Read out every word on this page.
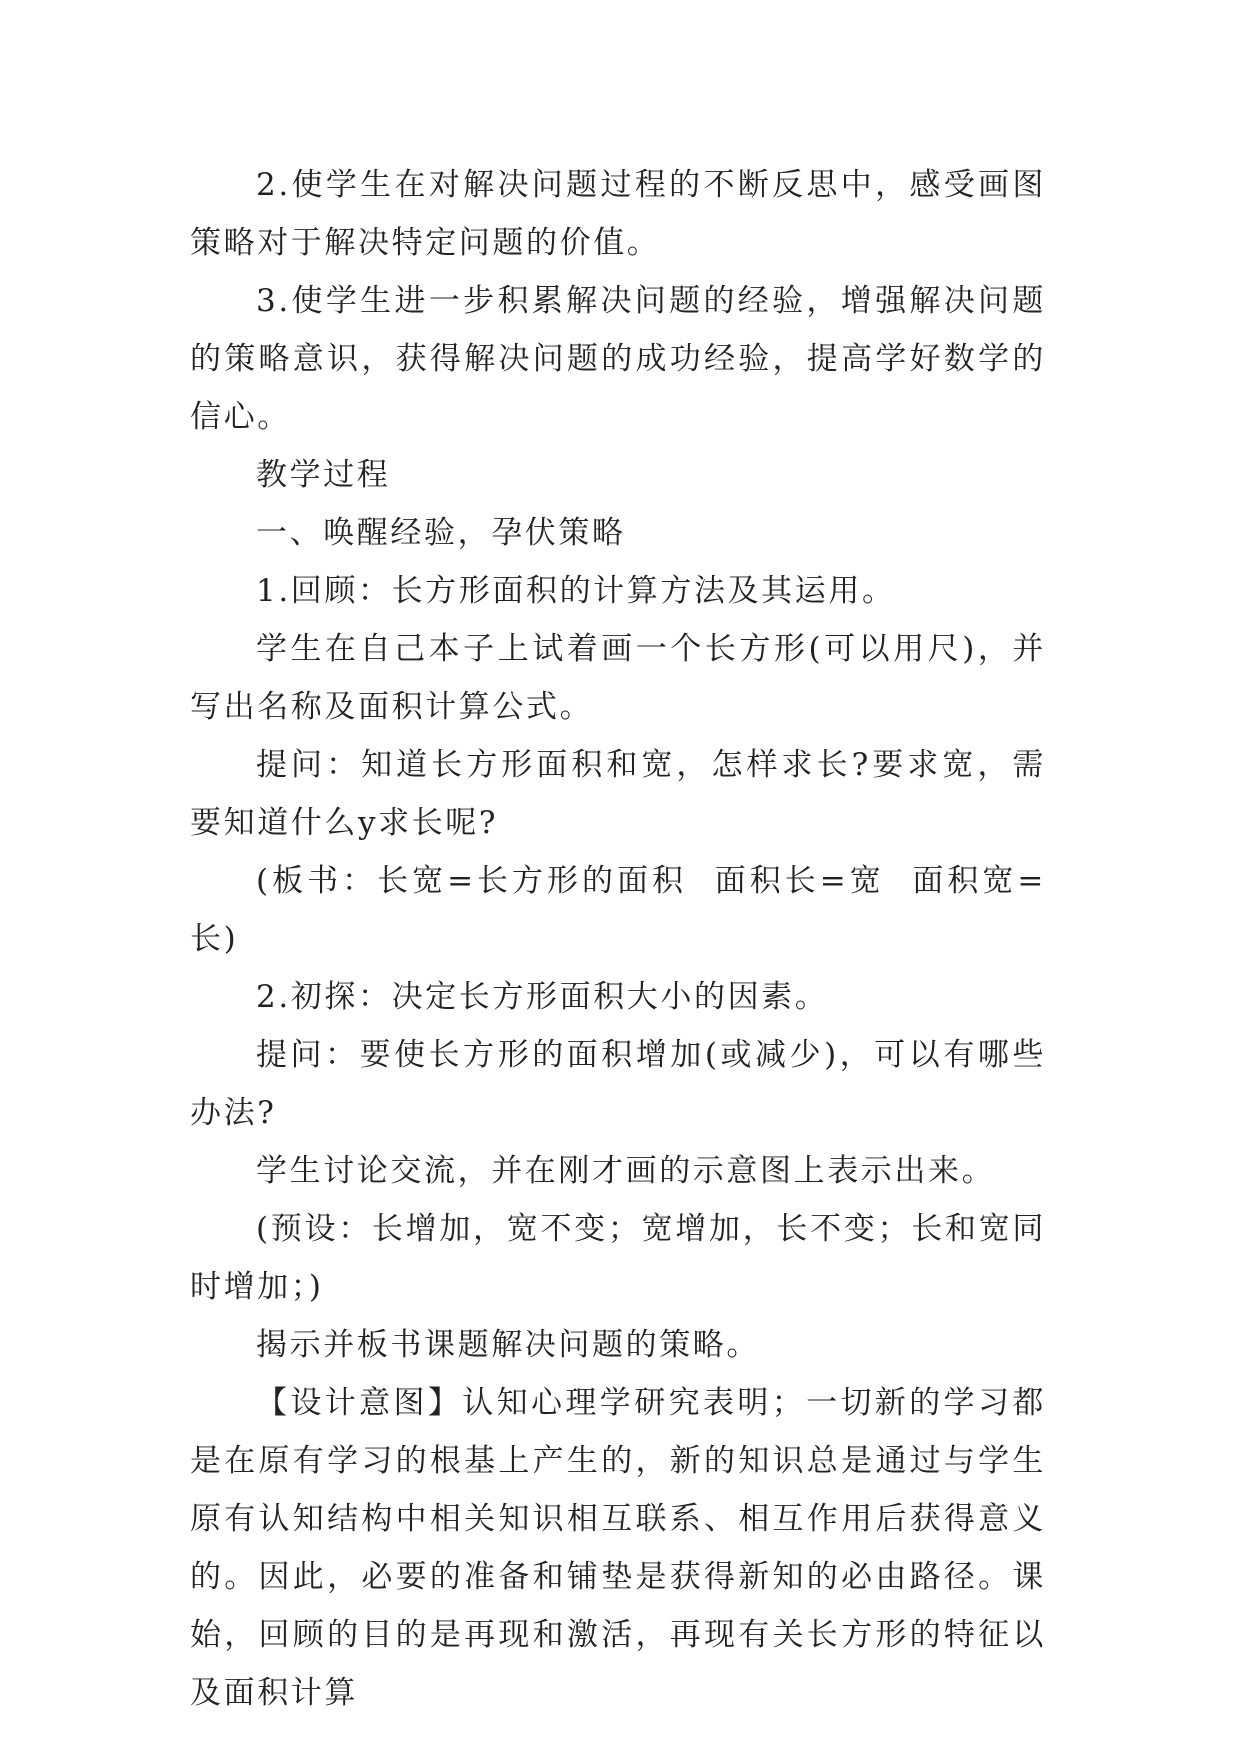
2.使学生在对解决问题过程的不断反思中，感受画图策略对于解决特定问题的价值。

3.使学生进一步积累解决问题的经验，增强解决问题的策略意识，获得解决问题的成功经验，提高学好数学的信心。

教学过程

一、唤醒经验，孕伏策略

1.回顾：长方形面积的计算方法及其运用。

学生在自己本子上试着画一个长方形(可以用尺)，并写出名称及面积计算公式。

提问：知道长方形面积和宽，怎样求长?要求宽，需要知道什么y求长呢?

(板书：长宽=长方形的面积  面积长=宽  面积宽=长)

2.初探：决定长方形面积大小的因素。

提问：要使长方形的面积增加(或减少)，可以有哪些办法?

学生讨论交流，并在刚才画的示意图上表示出来。

(预设：长增加，宽不变；宽增加，长不变；长和宽同时增加；)

揭示并板书课题解决问题的策略。

【设计意图】认知心理学研究表明；一切新的学习都是在原有学习的根基上产生的，新的知识总是通过与学生原有认知结构中相关知识相互联系、相互作用后获得意义的。因此，必要的准备和铺垫是获得新知的必由路径。课始，回顾的目的是再现和激活，再现有关长方形的特征以及面积计算
